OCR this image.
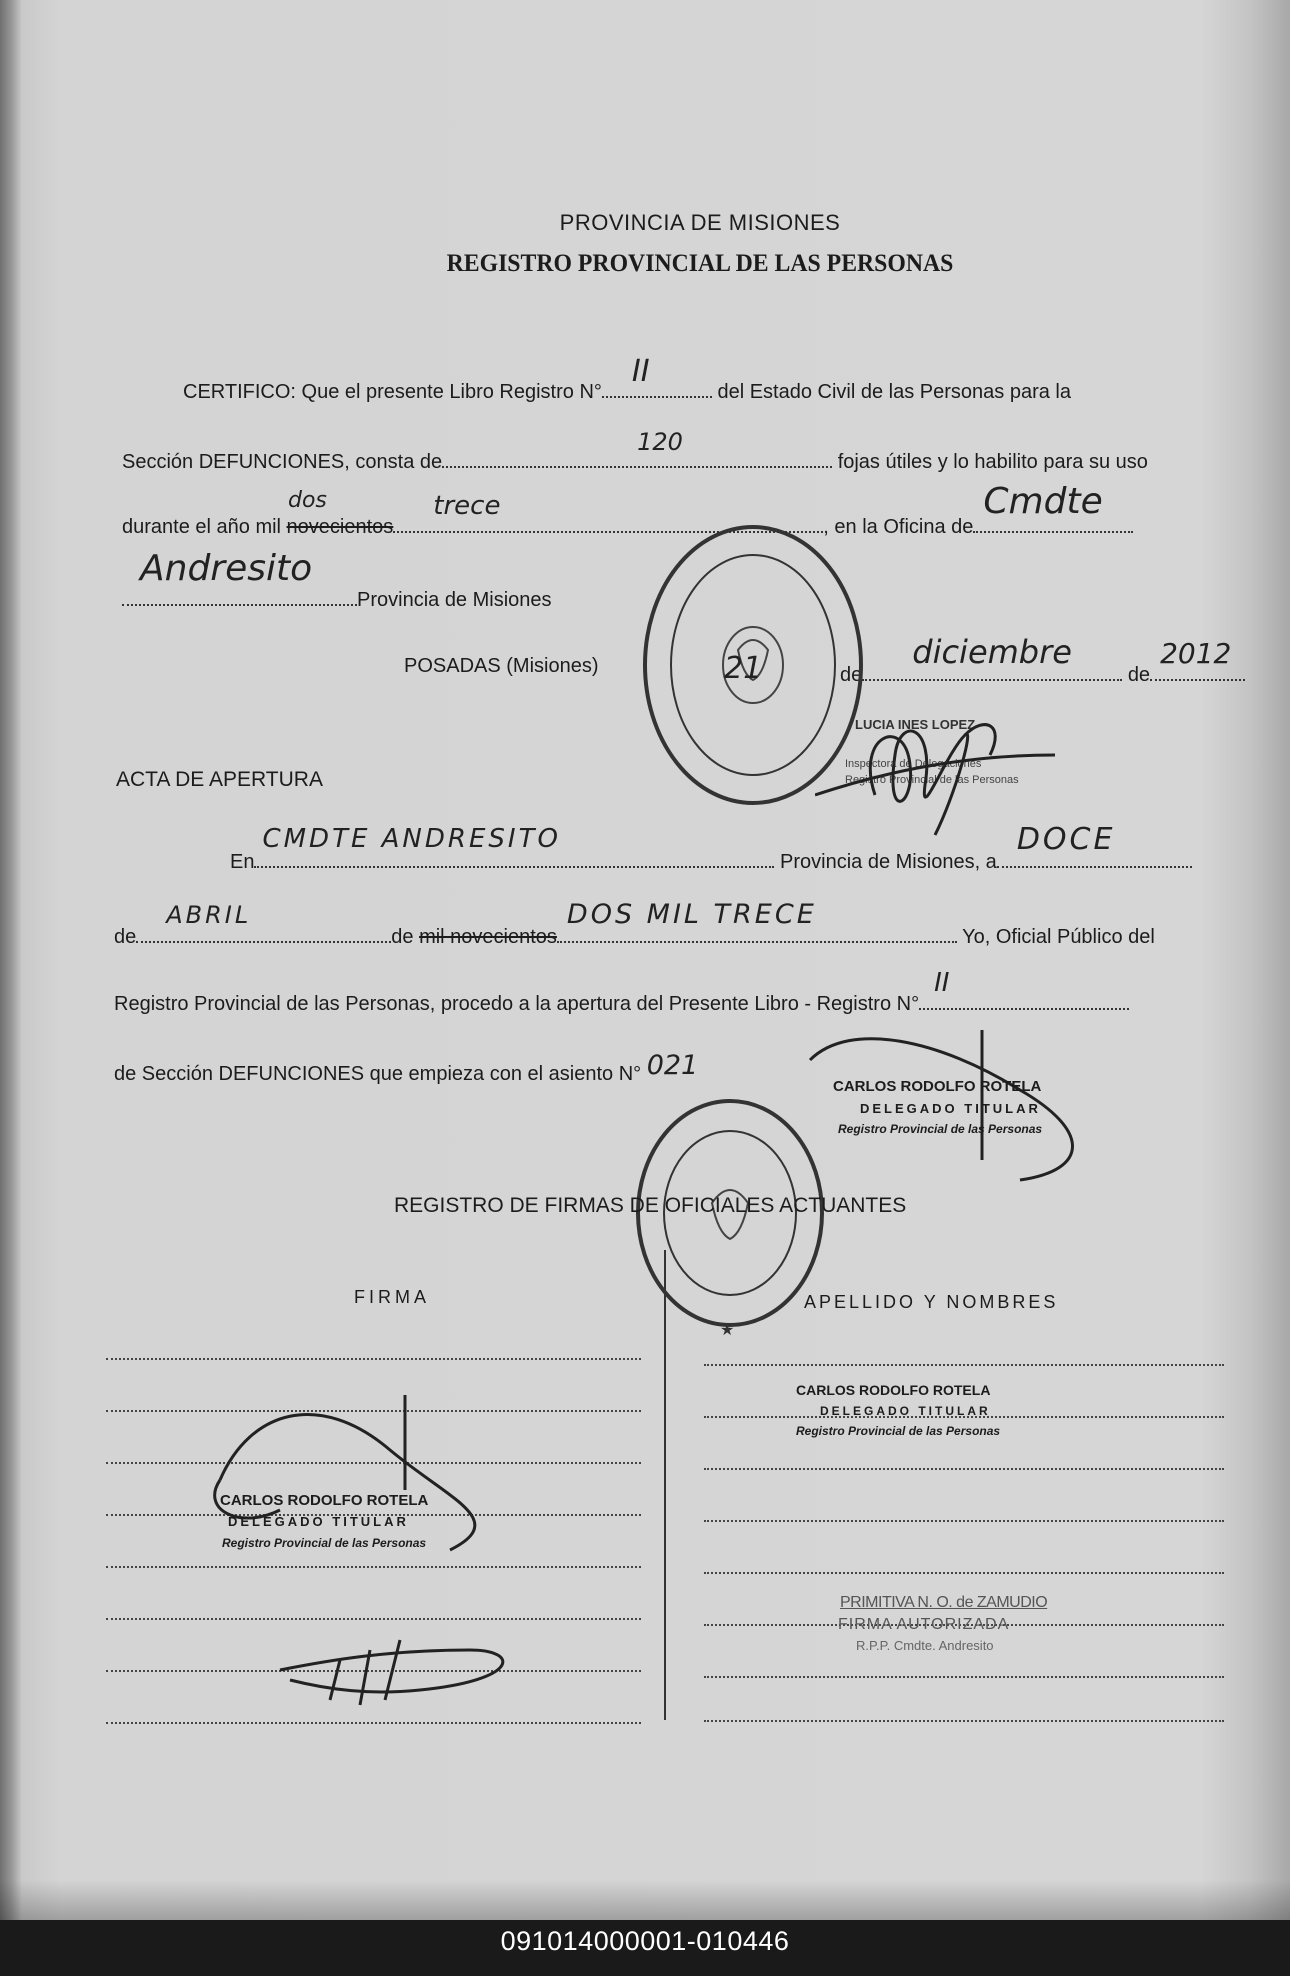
PROVINCIA DE MISIONES
REGISTRO PROVINCIAL DE LAS PERSONAS
CERTIFICO: Que el presente Libro Registro N°
II
del Estado Civil de las Personas para la
Sección DEFUNCIONES, consta de
120
fojas útiles y lo habilito para su uso
dos
durante el año mil novecientos
trece
, en la Oficina de
Cmdte
Andresito
Provincia de Misiones
POSADAS (Misiones)	de
diciembre
de
2012
21
LUCIA INES LOPEZ
Inspectora de Delegaciones
Registro Provincial de las Personas
ACTA DE APERTURA
En
CMDTE ANDRESITO
Provincia de Misiones, a
DOCE
de
ABRIL
de mil novecientos
DOS MIL TRECE
Yo, Oficial Público del
Registro Provincial de las Personas, procedo a la apertura del Presente Libro - Registro N°
II
de Sección DEFUNCIONES que empieza con el asiento N° 021
CARLOS RODOLFO ROTELA
DELEGADO TITULAR
Registro Provincial de las Personas
★
REGISTRO DE FIRMAS DE OFICIALES ACTUANTES
FIRMA	APELLIDO Y NOMBRES
CARLOS RODOLFO ROTELA
DELEGADO TITULAR
Registro Provincial de las Personas
CARLOS RODOLFO ROTELA
DELEGADO TITULAR
Registro Provincial de las Personas
PRIMITIVA N. O. de ZAMUDIO
FIRMA AUTORIZADA
R.P.P. Cmdte. Andresito
091014000001-010446
